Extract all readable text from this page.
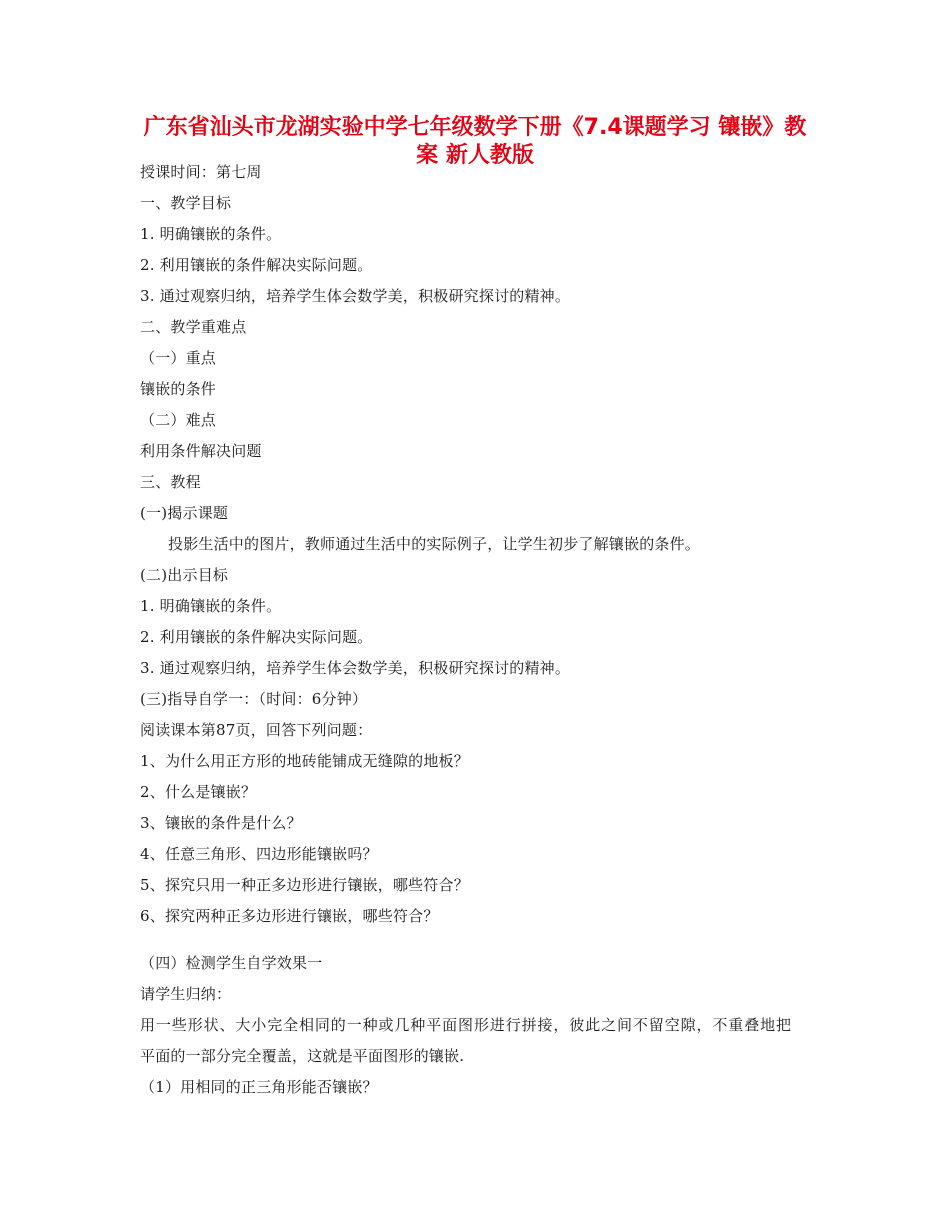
广东省汕头市龙湖实验中学七年级数学下册《7.4课题学习 镶嵌》教
案 新人教版
授课时间：第七周
一、教学目标
1. 明确镶嵌的条件。
2. 利用镶嵌的条件解决实际问题。
3. 通过观察归纳，培养学生体会数学美，积极研究探讨的精神。
二、教学重难点
（一）重点
镶嵌的条件
（二）难点
利用条件解决问题
三、教程
(一)揭示课题
投影生活中的图片，教师通过生活中的实际例子，让学生初步了解镶嵌的条件。
(二)出示目标
1. 明确镶嵌的条件。
2. 利用镶嵌的条件解决实际问题。
3. 通过观察归纳，培养学生体会数学美，积极研究探讨的精神。
(三)指导自学一：（时间：6分钟）
阅读课本第87页，回答下列问题：
1、为什么用正方形的地砖能铺成无缝隙的地板？
2、什么是镶嵌？
3、镶嵌的条件是什么？
4、任意三角形、四边形能镶嵌吗？
5、探究只用一种正多边形进行镶嵌，哪些符合？
6、探究两种正多边形进行镶嵌，哪些符合？
（四）检测学生自学效果一
请学生归纳：
用一些形状、大小完全相同的一种或几种平面图形进行拼接，彼此之间不留空隙，不重叠地把
平面的一部分完全覆盖，这就是平面图形的镶嵌.
（1）用相同的正三角形能否镶嵌？
